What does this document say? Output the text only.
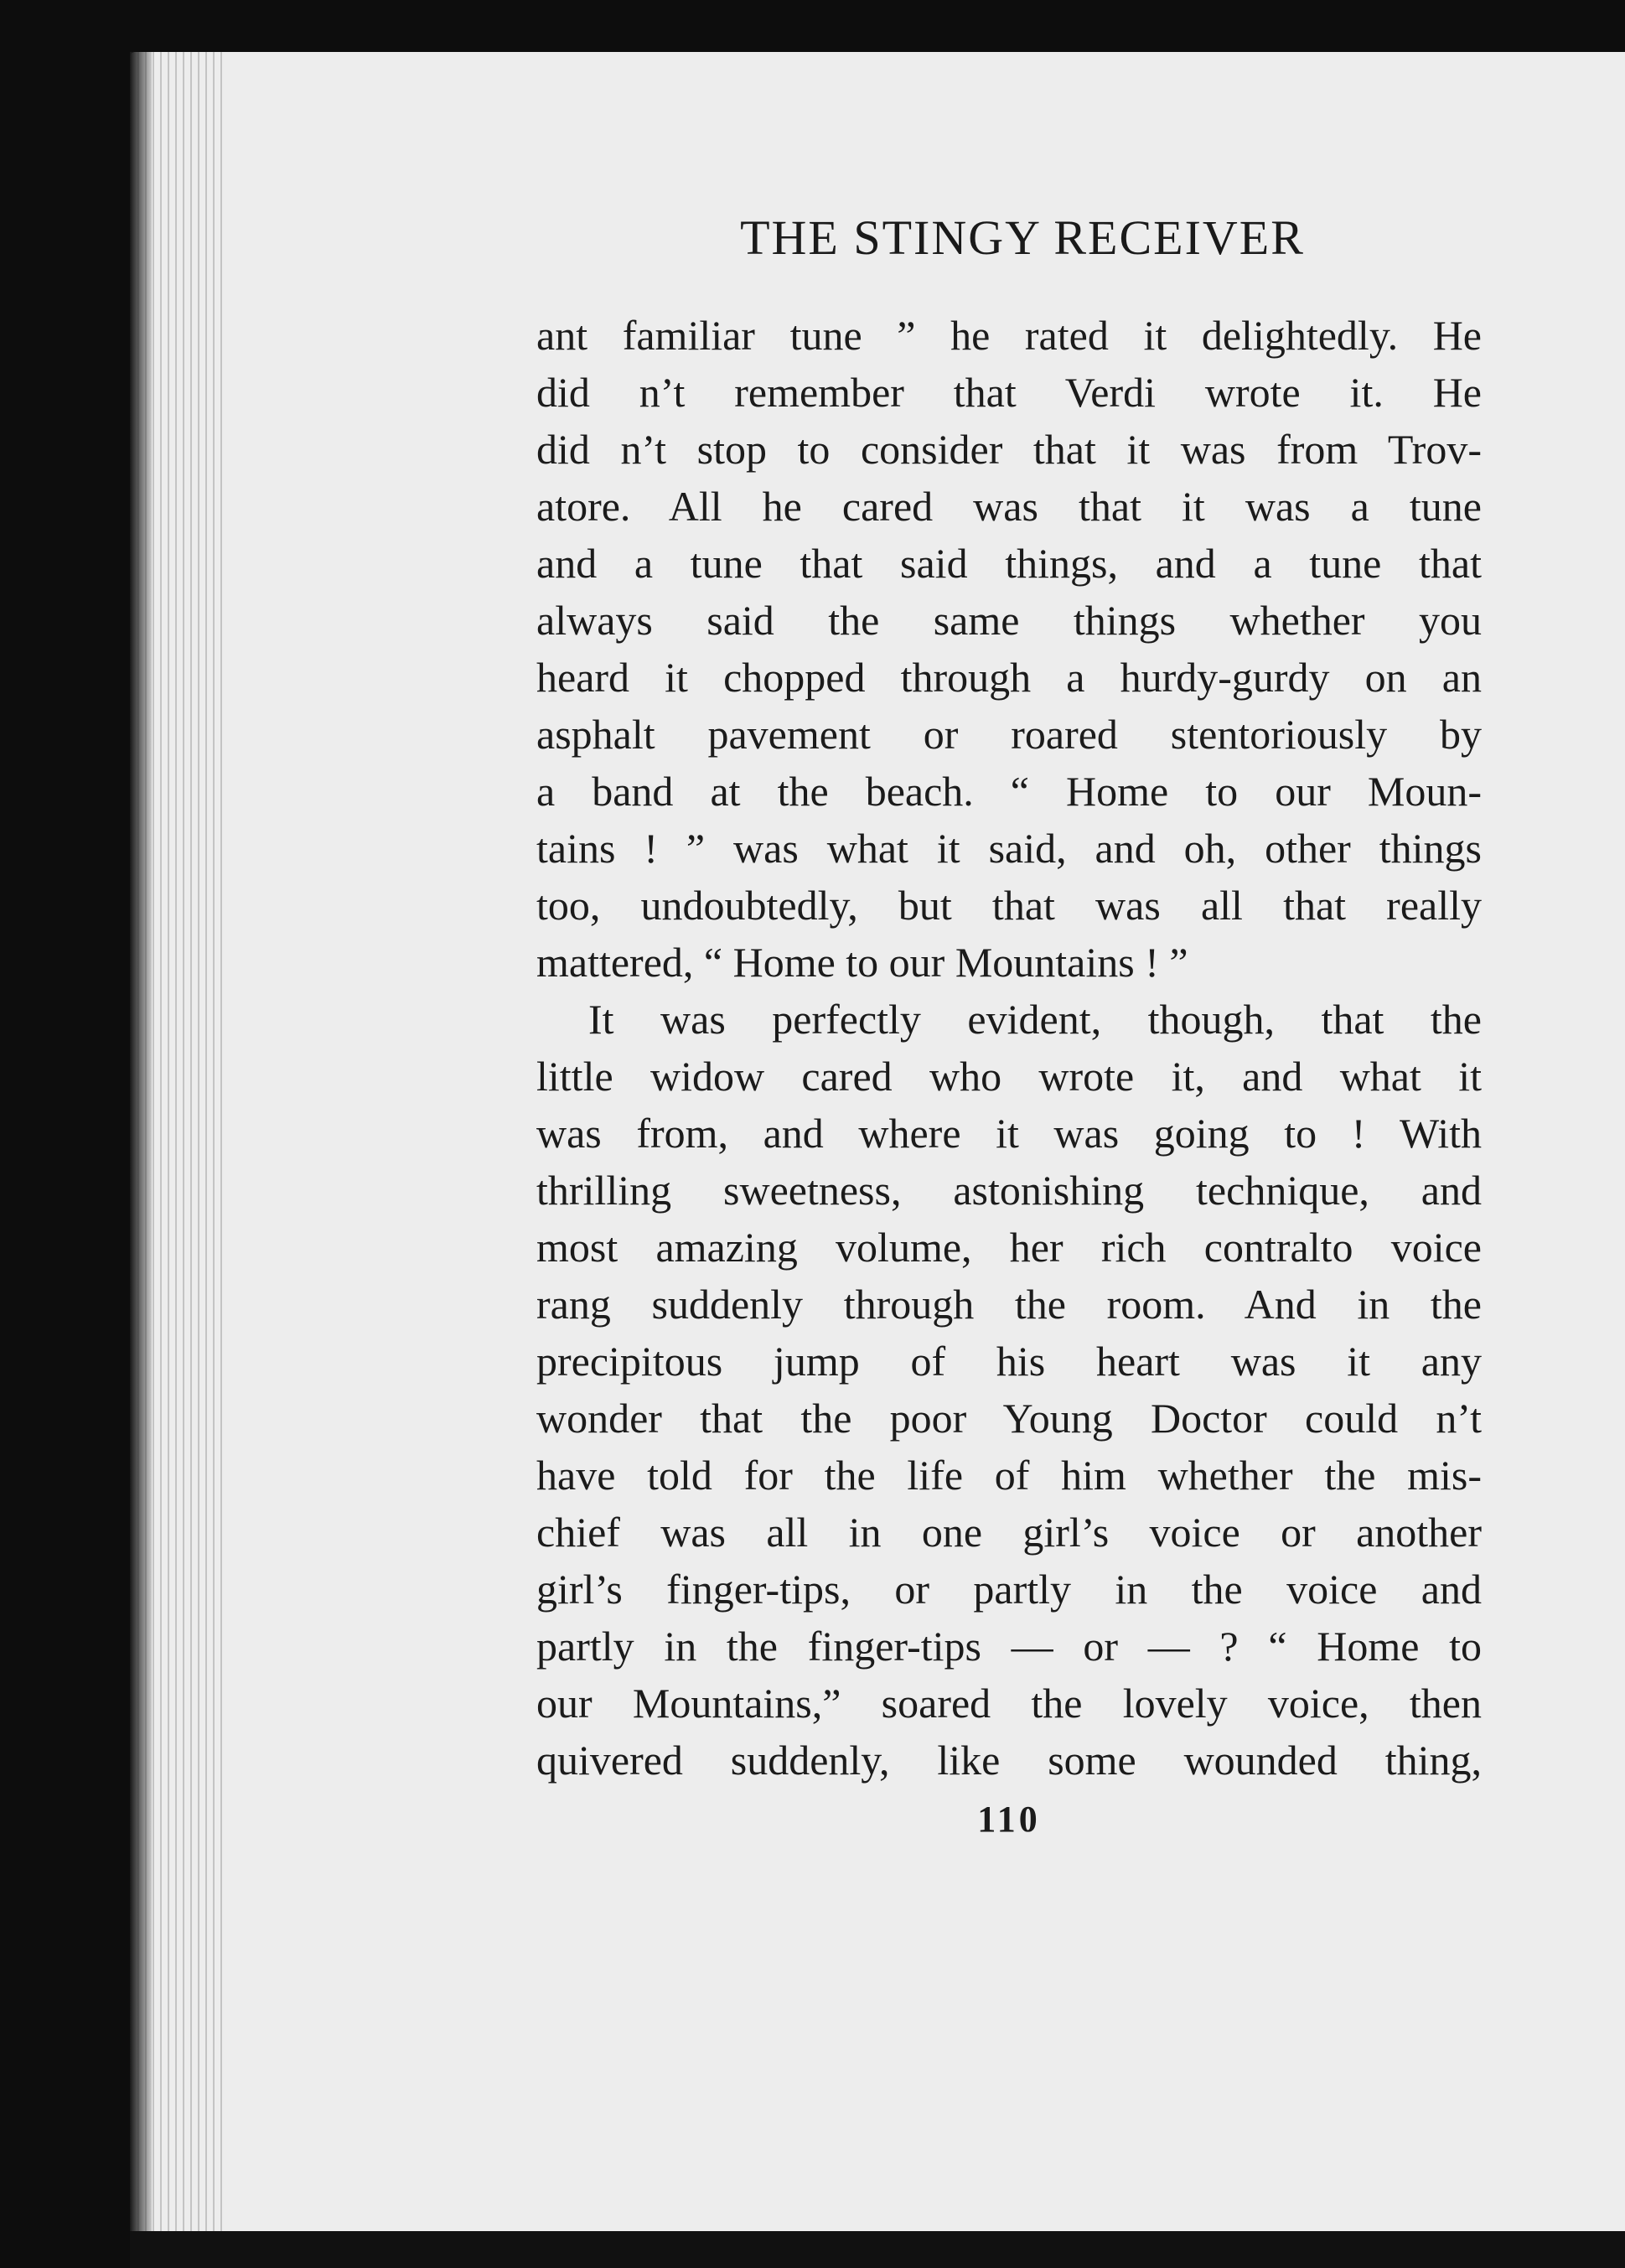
THE STINGY RECEIVER
ant familiar tune ” he rated it delightedly. He
did n’t remember that Verdi wrote it. He
did n’t stop to consider that it was from Trov-
atore. All he cared was that it was a tune
and a tune that said things, and a tune that
always said the same things whether you
heard it chopped through a hurdy-gurdy on an
asphalt pavement or roared stentoriously by
a band at the beach. “ Home to our Moun-
tains ! ” was what it said, and oh, other things
too, undoubtedly, but that was all that really
mattered, “ Home to our Mountains ! ”
It was perfectly evident, though, that the
little widow cared who wrote it, and what it
was from, and where it was going to ! With
thrilling sweetness, astonishing technique, and
most amazing volume, her rich contralto voice
rang suddenly through the room. And in the
precipitous jump of his heart was it any
wonder that the poor Young Doctor could n’t
have told for the life of him whether the mis-
chief was all in one girl’s voice or another
girl’s finger-tips, or partly in the voice and
partly in the finger-tips — or — ? “ Home to
our Mountains,” soared the lovely voice, then
quivered suddenly, like some wounded thing,
110
